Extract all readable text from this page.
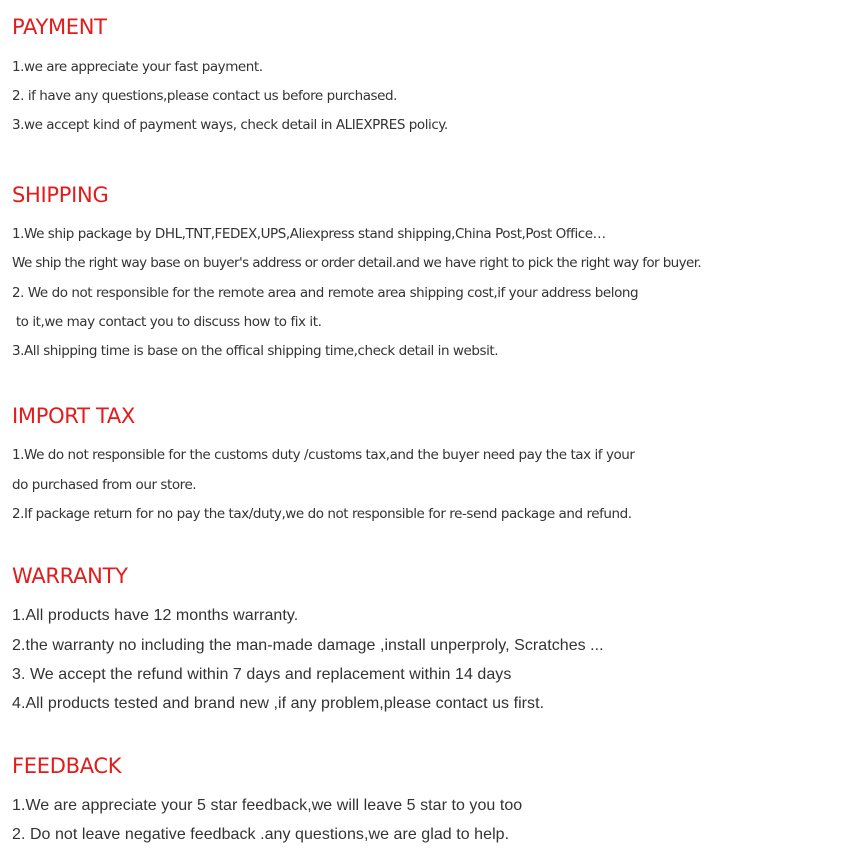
PAYMENT

1.we are appreciate your fast payment.

2. if have any questions,please contact us before purchased.

3.we accept kind of payment ways, check detail in ALIEXPRES policy.

SHIPPING

1.We ship package by DHL,TNT,FEDEX,UPS,Aliexpress stand shipping,China Post,Post Office…

We ship the right way base on buyer's address or order detail.and we have right to pick the right way for buyer.

2. We do not responsible for the remote area and remote area shipping cost,if your address belong

to it,we may contact you to discuss how to fix it.

3.All shipping time is base on the offical shipping time,check detail in websit.

IMPORT TAX

1.We do not responsible for the customs duty /customs tax,and the buyer need pay the tax if your

do purchased from our store.

2.If package return for no pay the tax/duty,we do not responsible for re-send package and refund.

WARRANTY

1.All products have 12 months warranty.

2.the warranty no including the man-made damage ,install unperproly, Scratches ...

3. We accept the refund within 7 days and replacement within 14 days

4.All products tested and brand new ,if any problem,please contact us first.

FEEDBACK

1.We are appreciate your 5 star feedback,we will leave 5 star to you too

2. Do not leave negative feedback .any questions,we are glad to help.
